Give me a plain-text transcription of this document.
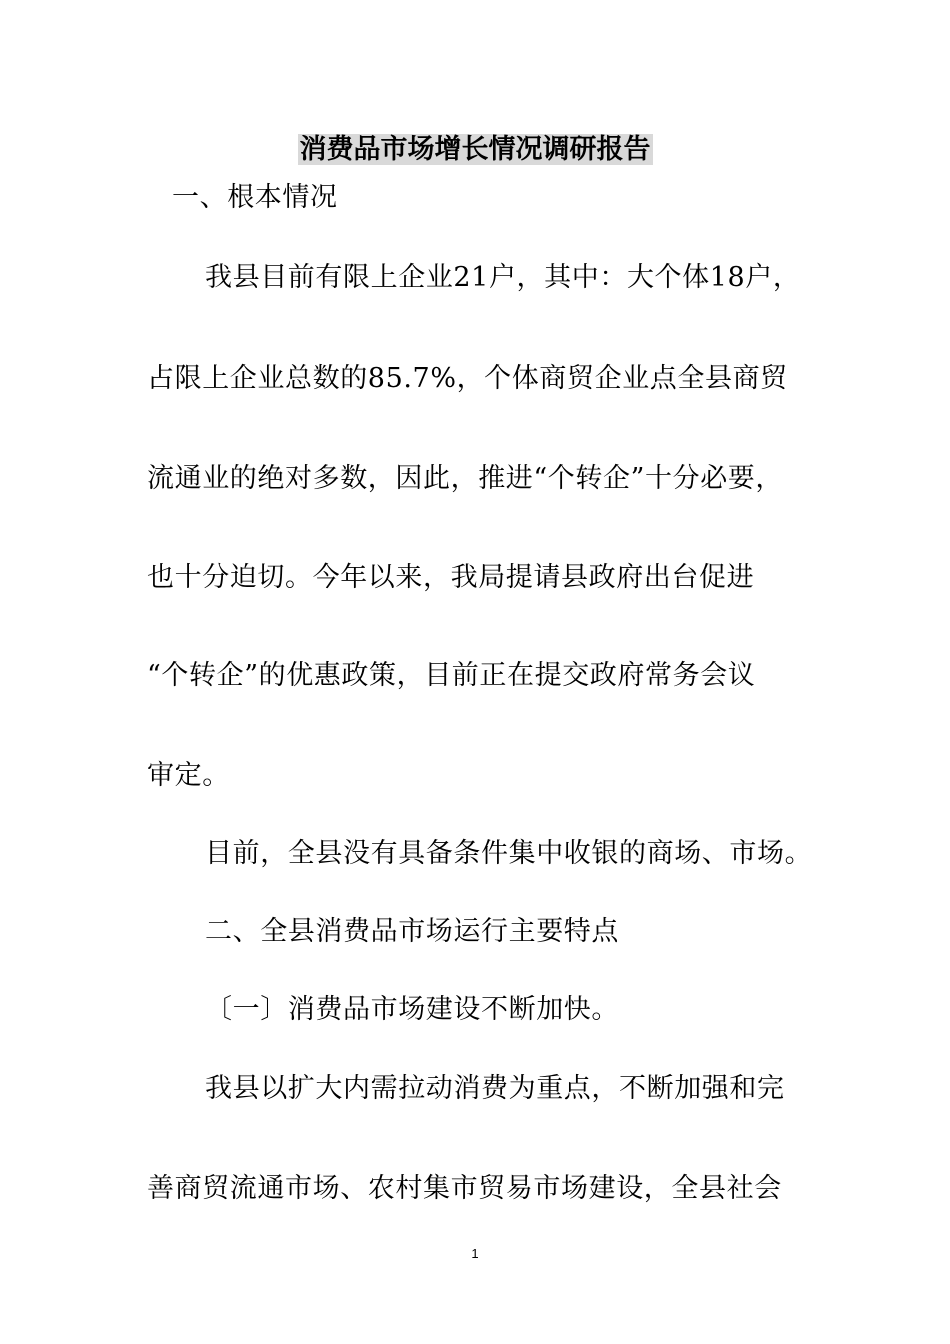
消费品市场增长情况调研报告
一、根本情况
我县目前有限上企业21户，其中：大个体18户，
占限上企业总数的85.7%，个体商贸企业点全县商贸
流通业的绝对多数，因此，推进“个转企”十分必要，
也十分迫切。今年以来，我局提请县政府出台促进
“个转企”的优惠政策，目前正在提交政府常务会议
审定。
目前，全县没有具备条件集中收银的商场、市场。
二、全县消费品市场运行主要特点
〔一〕消费品市场建设不断加快。
我县以扩大内需拉动消费为重点，不断加强和完
善商贸流通市场、农村集市贸易市场建设，全县社会
1
